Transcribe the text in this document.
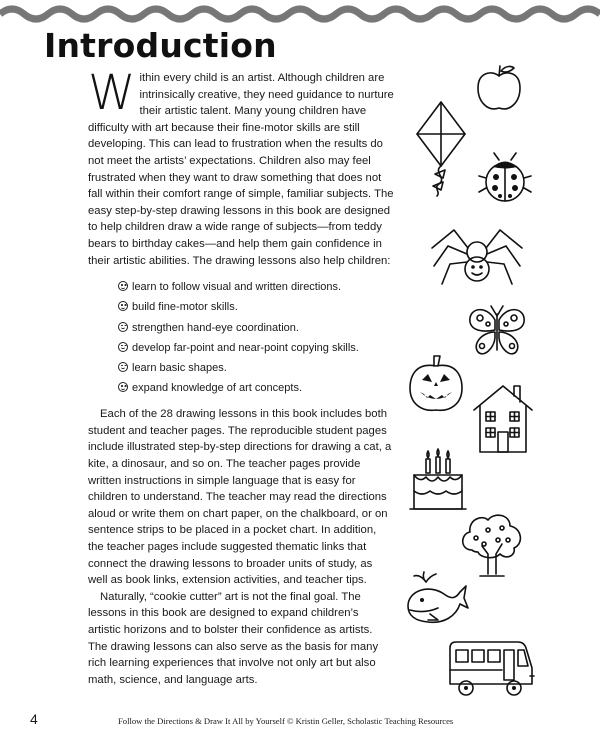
Introduction

Within every child is an artist. Although children are intrinsically creative, they need guidance to nurture their artistic talent. Many young children have difficulty with art because their fine-motor skills are still developing. This can lead to frustration when the results do not meet the artists’ expectations. Children also may feel frustrated when they want to draw something that does not fall within their comfort range of simple, familiar subjects. The easy step-by-step drawing lessons in this book are designed to help children draw a wide range of subjects—from teddy bears to birthday cakes—and help them gain confidence in their artistic abilities. The drawing lessons also help children:

learn to follow visual and written directions.
build fine-motor skills.
strengthen hand-eye coordination.
develop far-point and near-point copying skills.
learn basic shapes.
expand knowledge of art concepts.

Each of the 28 drawing lessons in this book includes both student and teacher pages. The reproducible student pages include illustrated step-by-step directions for drawing a cat, a kite, a dinosaur, and so on. The teacher pages provide written instructions in simple language that is easy for children to understand. The teacher may read the directions aloud or write them on chart paper, on the chalkboard, or on sentence strips to be placed in a pocket chart. In addition, the teacher pages include suggested thematic links that connect the drawing lessons to broader units of study, as well as book links, extension activities, and teacher tips.

Naturally, “cookie cutter” art is not the final goal. The lessons in this book are designed to expand children’s artistic horizons and to bolster their confidence as artists. The drawing lessons can also serve as the basis for many rich learning experiences that involve not only art but also math, science, and language arts.

4	Follow the Directions & Draw It All by Yourself © Kristin Geller, Scholastic Teaching Resources
